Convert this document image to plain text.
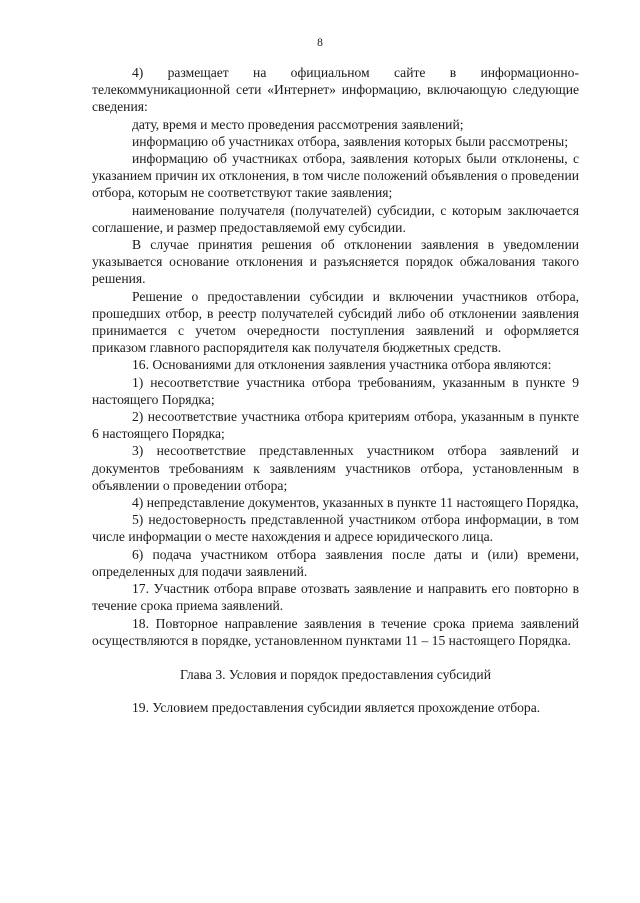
8

4) размещает на официальном сайте в информационно-телекоммуникационной сети «Интернет» информацию, включающую следующие сведения:

дату, время и место проведения рассмотрения заявлений;

информацию об участниках отбора, заявления которых были рассмотрены;

информацию об участниках отбора, заявления которых были отклонены, с указанием причин их отклонения, в том числе положений объявления о проведении отбора, которым не соответствуют такие заявления;

наименование получателя (получателей) субсидии, с которым заключается соглашение, и размер предоставляемой ему субсидии.

В случае принятия решения об отклонении заявления в уведомлении указывается основание отклонения и разъясняется порядок обжалования такого решения.

Решение о предоставлении субсидии и включении участников отбора, прошедших отбор, в реестр получателей субсидий либо об отклонении заявления принимается с учетом очередности поступления заявлений и оформляется приказом главного распорядителя как получателя бюджетных средств.

16. Основаниями для отклонения заявления участника отбора являются:

1) несоответствие участника отбора требованиям, указанным в пункте 9 настоящего Порядка;

2) несоответствие участника отбора критериям отбора, указанным в пункте 6 настоящего Порядка;

3) несоответствие представленных участником отбора заявлений и документов требованиям к заявлениям участников отбора, установленным в объявлении о проведении отбора;

4) непредставление документов, указанных в пункте 11 настоящего Порядка,

5) недостоверность представленной участником отбора информации, в том числе информации о месте нахождения и адресе юридического лица.

6) подача участником отбора заявления после даты и (или) времени, определенных для подачи заявлений.

17. Участник отбора вправе отозвать заявление и направить его повторно в течение срока приема заявлений.

18. Повторное направление заявления в течение срока приема заявлений осуществляются в порядке, установленном пунктами 11 – 15 настоящего Порядка.

Глава 3. Условия и порядок предоставления субсидий

19. Условием предоставления субсидии является прохождение отбора.
